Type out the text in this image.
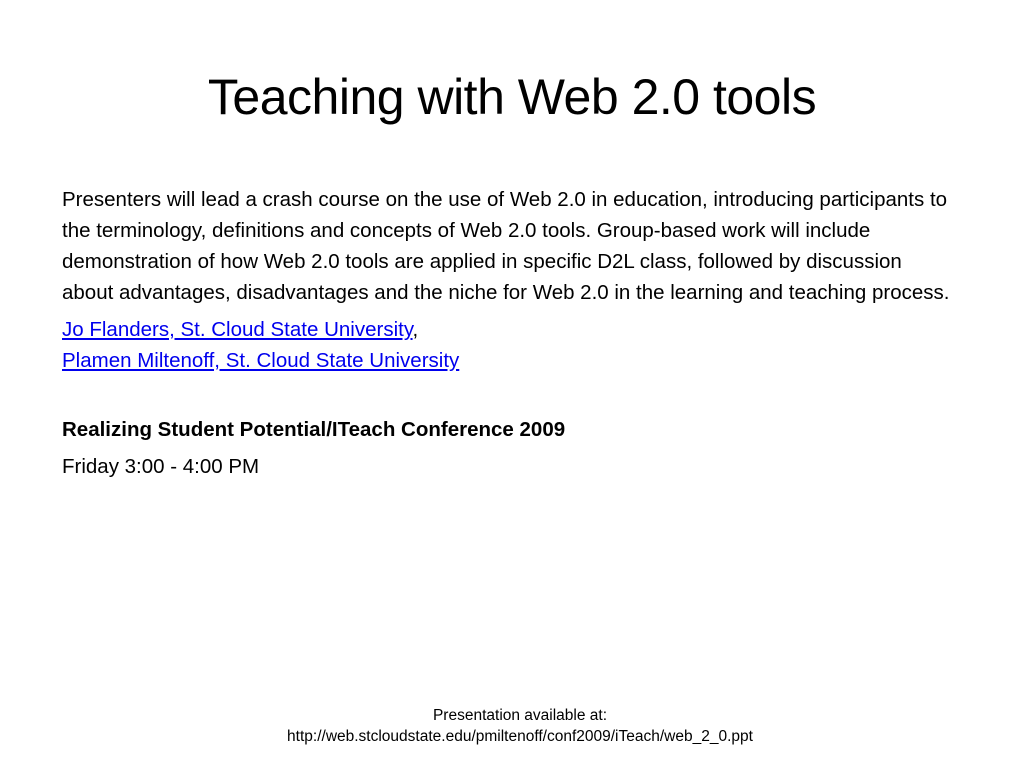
Teaching with Web 2.0 tools

Presenters will lead a crash course on the use of Web 2.0 in education, introducing participants to the terminology, definitions and concepts of Web 2.0 tools. Group-based work will include demonstration of how Web 2.0 tools are applied in specific D2L class, followed by discussion about advantages, disadvantages and the niche for Web 2.0 in the learning and teaching process.

Jo Flanders, St. Cloud State University,
Plamen Miltenoff, St. Cloud State University

Realizing Student Potential/ITeach Conference 2009

Friday 3:00 - 4:00 PM

Presentation available at:
http://web.stcloudstate.edu/pmiltenoff/conf2009/iTeach/web_2_0.ppt
